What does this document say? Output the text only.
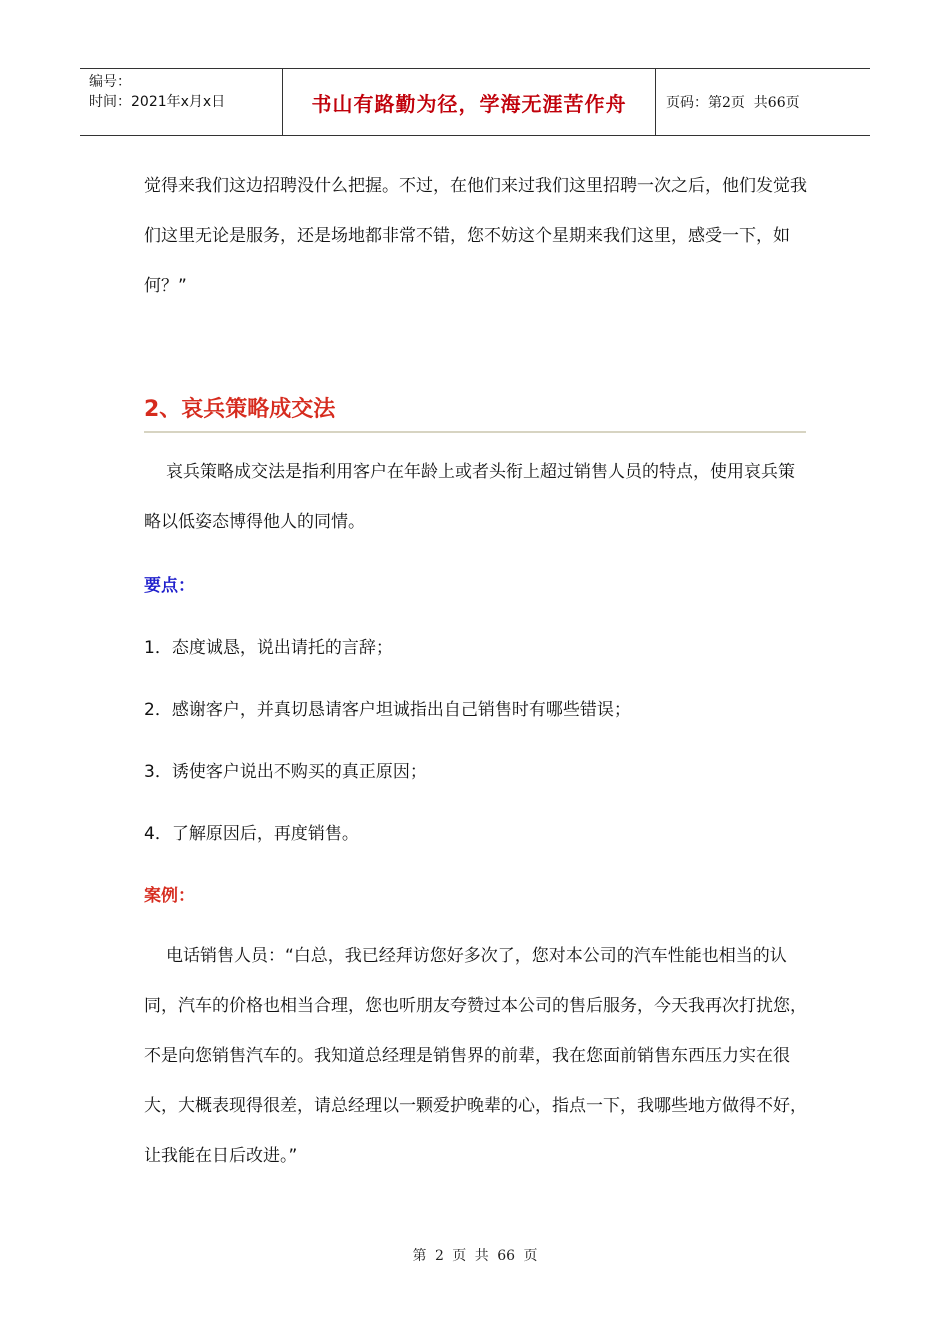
编号：
时间：2021年x月x日	书山有路勤为径，学海无涯苦作舟	页码：第2页  共66页

觉得来我们这边招聘没什么把握。不过，在他们来过我们这里招聘一次之后，他们发觉我们这里无论是服务，还是场地都非常不错，您不妨这个星期来我们这里，感受一下，如何？”

2、哀兵策略成交法

哀兵策略成交法是指利用客户在年龄上或者头衔上超过销售人员的特点，使用哀兵策略以低姿态博得他人的同情。

要点：

1．态度诚恳，说出请托的言辞；

2．感谢客户，并真切恳请客户坦诚指出自己销售时有哪些错误；

3．诱使客户说出不购买的真正原因；

4．了解原因后，再度销售。

案例：

电话销售人员：“白总，我已经拜访您好多次了，您对本公司的汽车性能也相当的认同，汽车的价格也相当合理，您也听朋友夸赞过本公司的售后服务，今天我再次打扰您，不是向您销售汽车的。我知道总经理是销售界的前辈，我在您面前销售东西压力实在很大，大概表现得很差，请总经理以一颗爱护晚辈的心，指点一下，我哪些地方做得不好，让我能在日后改进。”

第 2 页 共 66 页
